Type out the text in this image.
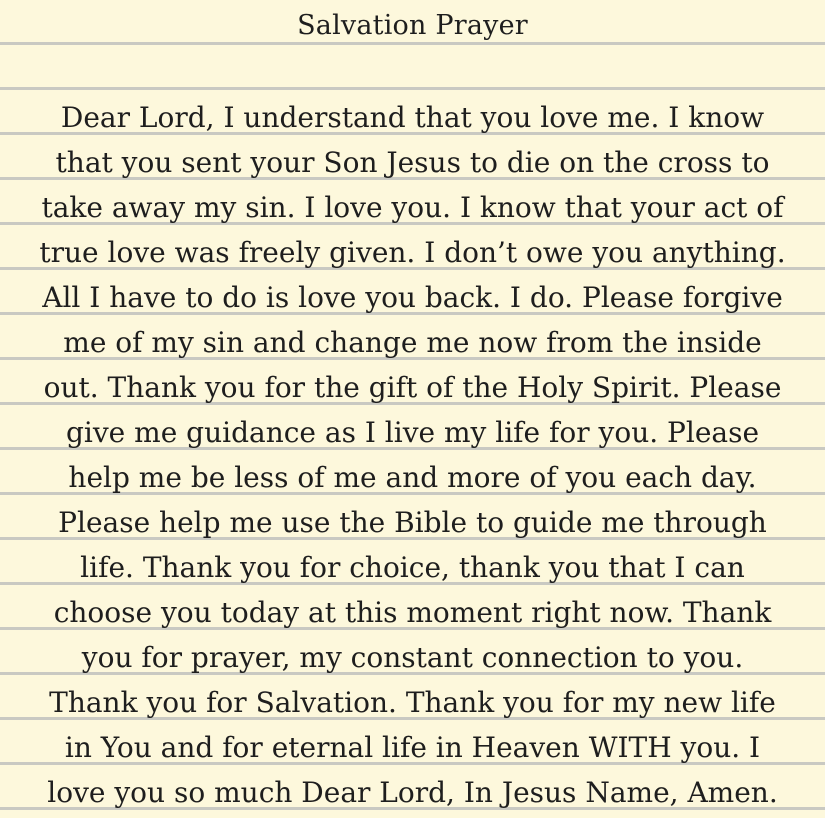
Salvation Prayer
Dear Lord, I understand that you love me. I know
that you sent your Son Jesus to die on the cross to
take away my sin. I love you. I know that your act of
true love was freely given. I don’t owe you anything.
All I have to do is love you back. I do. Please forgive
me of my sin and change me now from the inside
out. Thank you for the gift of the Holy Spirit. Please
give me guidance as I live my life for you. Please
help me be less of me and more of you each day.
Please help me use the Bible to guide me through
life. Thank you for choice, thank you that I can
choose you today at this moment right now. Thank
you for prayer, my constant connection to you.
Thank you for Salvation. Thank you for my new life
in You and for eternal life in Heaven WITH you. I
love you so much Dear Lord, In Jesus Name, Amen.
